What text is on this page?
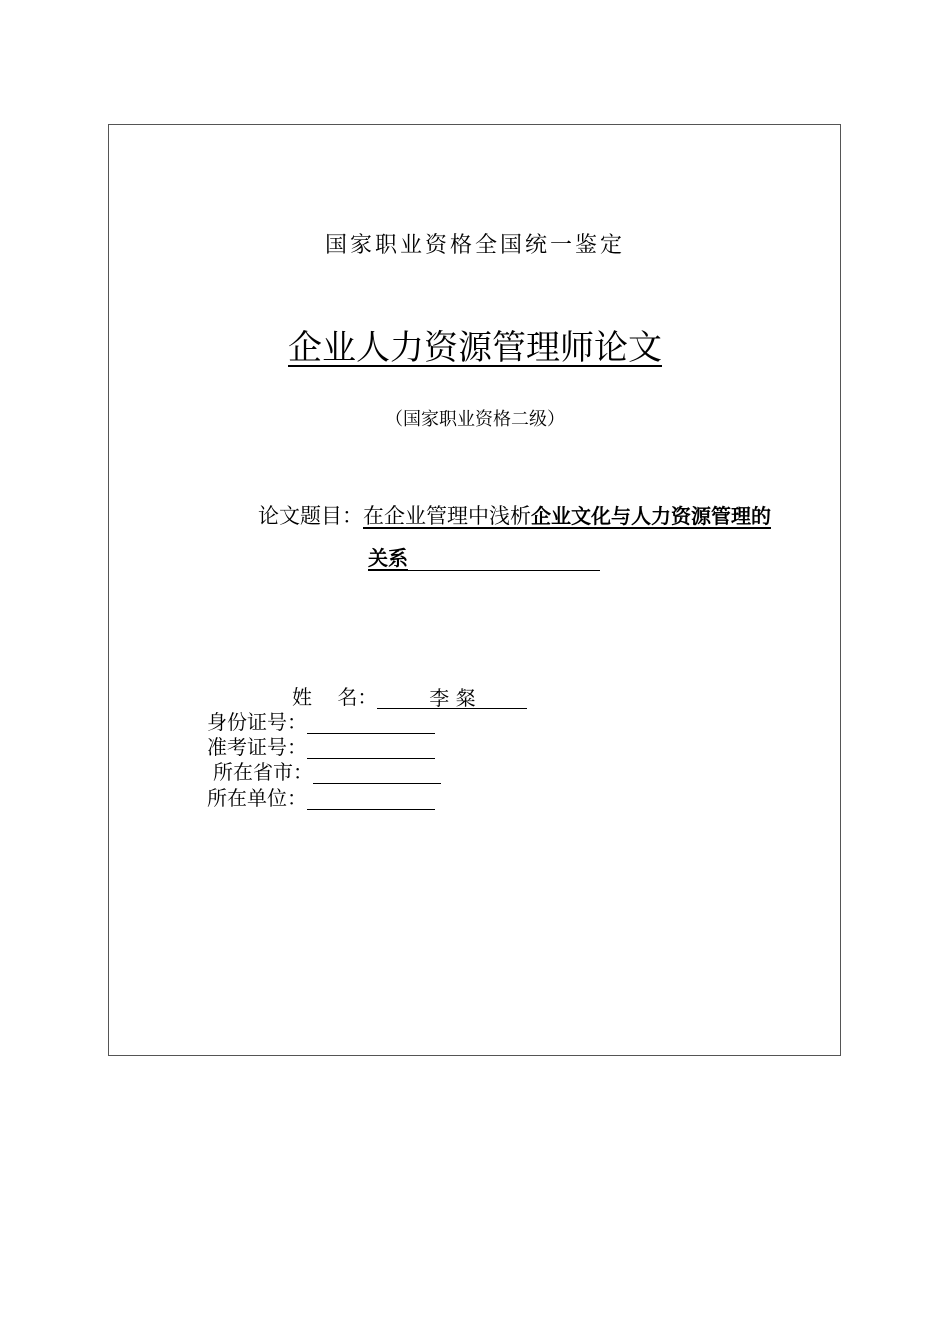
国家职业资格全国统一鉴定
企业人力资源管理师论文
（国家职业资格二级）
论文题目：在企业管理中浅析企业文化与人力资源管理的
关系
姓    名：	李 粲
身份证号：
准考证号：
所在省市：
所在单位：
